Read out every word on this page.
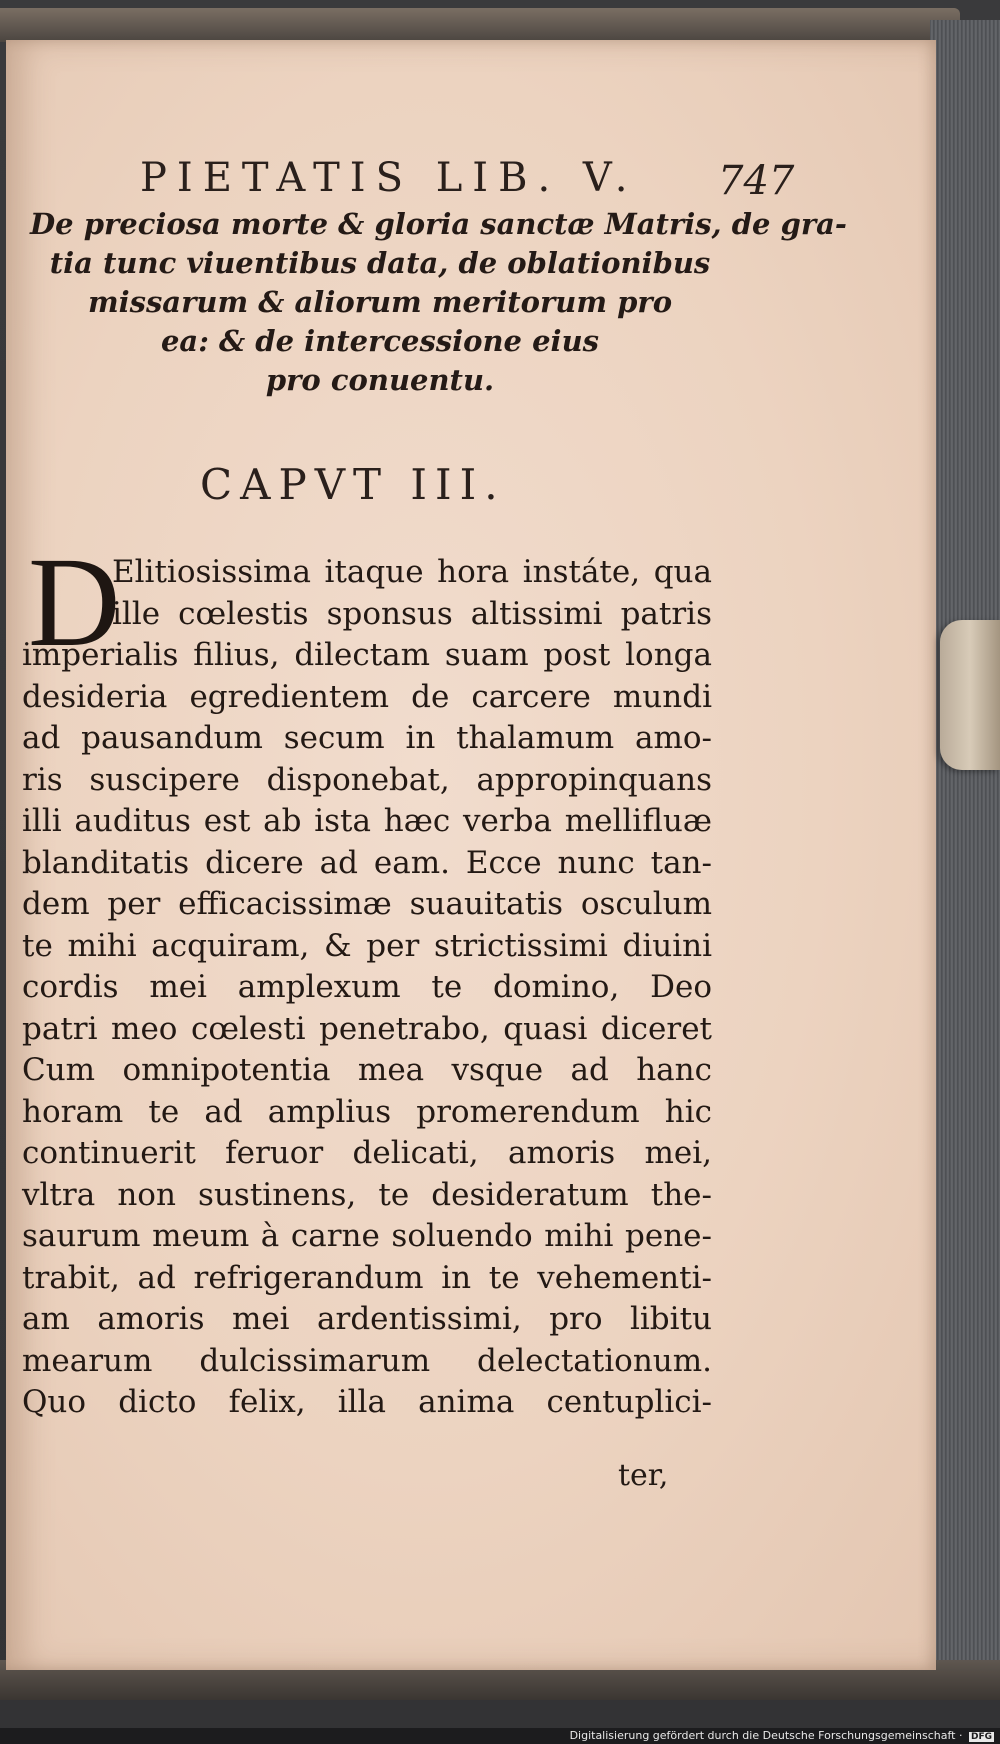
PIETATIS LIB. V.	747
De preciosa morte & gloria sanctæ Matris, de gra-
tia tunc viuentibus data, de oblationibus
missarum & aliorum meritorum pro
ea: & de intercessione eius
pro conuentu.
CAPVT III.
D
Elitiosissima itaque hora instáte, qua
ille cœlestis sponsus altissimi patris
imperialis filius, dilectam suam post longa
desideria egredientem de carcere mundi
ad pausandum secum in thalamum amo-
ris suscipere disponebat, appropinquans
illi auditus est ab ista hæc verba mellifluæ
blanditatis dicere ad eam. Ecce nunc tan-
dem per efficacissimæ suauitatis osculum
te mihi acquiram, & per strictissimi diuini
cordis mei amplexum te domino, Deo
patri meo cœlesti penetrabo, quasi diceret
Cum omnipotentia mea vsque ad hanc
horam te ad amplius promerendum hic
continuerit feruor delicati, amoris mei,
vltra non sustinens, te desideratum the-
saurum meum à carne soluendo mihi pene-
trabit, ad refrigerandum in te vehementi-
am amoris mei ardentissimi, pro libitu
mearum dulcissimarum delectationum.
Quo dicto felix, illa anima centuplici-
ter,
Digitalisierung gefördert durch die Deutsche Forschungsgemeinschaft · DFG
